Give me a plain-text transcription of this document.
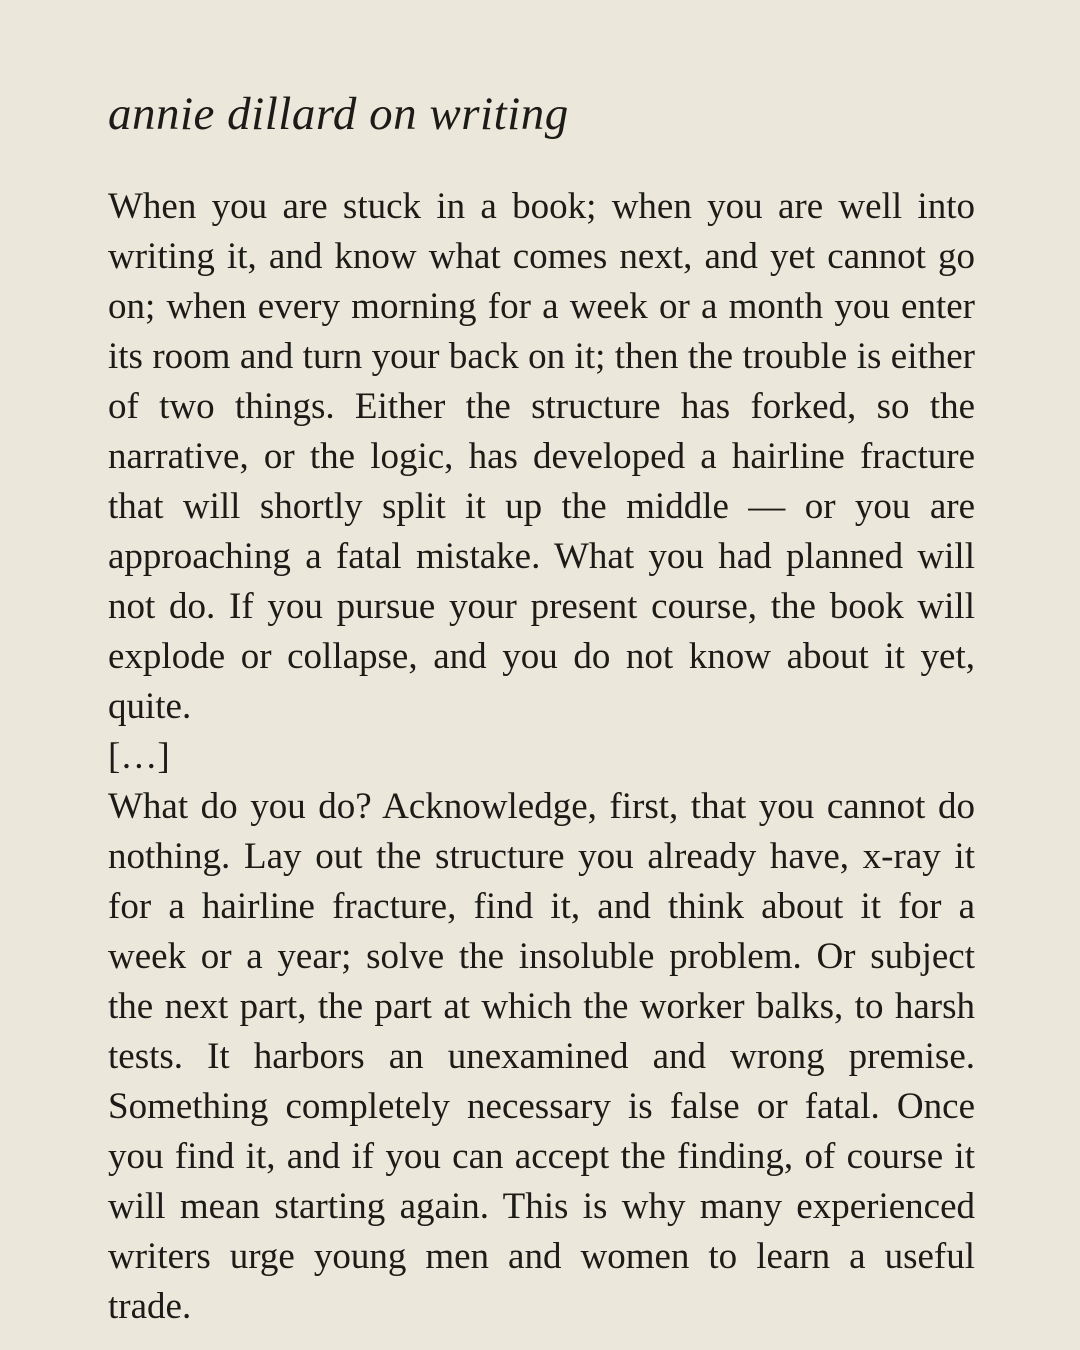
annie dillard on writing

When you are stuck in a book; when you are well into writing it, and know what comes next, and yet cannot go on; when every morning for a week or a month you enter its room and turn your back on it; then the trouble is either of two things. Either the structure has forked, so the narrative, or the logic, has developed a hairline fracture that will shortly split it up the middle — or you are approaching a fatal mistake. What you had planned will not do. If you pursue your present course, the book will explode or collapse, and you do not know about it yet, quite.

[…]

What do you do? Acknowledge, first, that you cannot do nothing. Lay out the structure you already have, x-ray it for a hairline fracture, find it, and think about it for a week or a year; solve the insoluble problem. Or subject the next part, the part at which the worker balks, to harsh tests. It harbors an unexamined and wrong premise. Something completely necessary is false or fatal. Once you find it, and if you can accept the finding, of course it will mean starting again. This is why many experienced writers urge young men and women to learn a useful trade.
